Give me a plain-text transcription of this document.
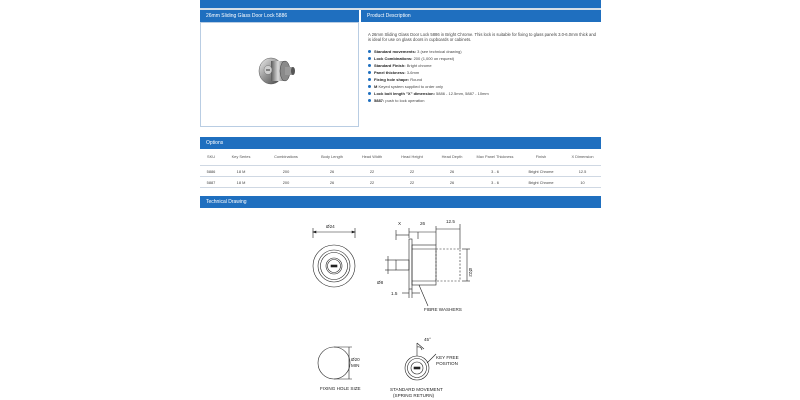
26mm Sliding Glass Door Lock 5886	Product Description
A 26mm Sliding Glass Door Lock 5886 in Bright Chrome. This lock is suitable for fixing to glass panels 3.0-6.0mm thick and is ideal for use on glass doors in cupboards or cabinets.
Standard movements: 3 (see technical drawing)
Lock Combinations: 200 (1,000 on request)
Standard Finish: Bright chrome
Panel thickness: 3-6mm
Fixing hole shape: Round
M Keyed system supplied to order only
Lock bolt length "X" dimension: 5886 - 12.5mm, 5887 - 10mm
5887: push to lock operation
Options
SKU	Key Series	Combinations	Body Length	Head Width	Head Height	Head Depth	Max Panel Thickness	Finish	X Dimension
5886	18 M	200	26	22	22	26	3 - 6	Bright Chrome	12.5
5887	18 M	200	26	22	22	26	3 - 6	Bright Chrome	10
Technical Drawing
Ø24
X	26	12.5
Ø22
Ø8
1.5
FIBRE WASHERS
Ø20
MIN
FIXING HOLE SIZE
45°
KEY FREE
POSITION
STANDARD MOVEMENT
(SPRING RETURN)
